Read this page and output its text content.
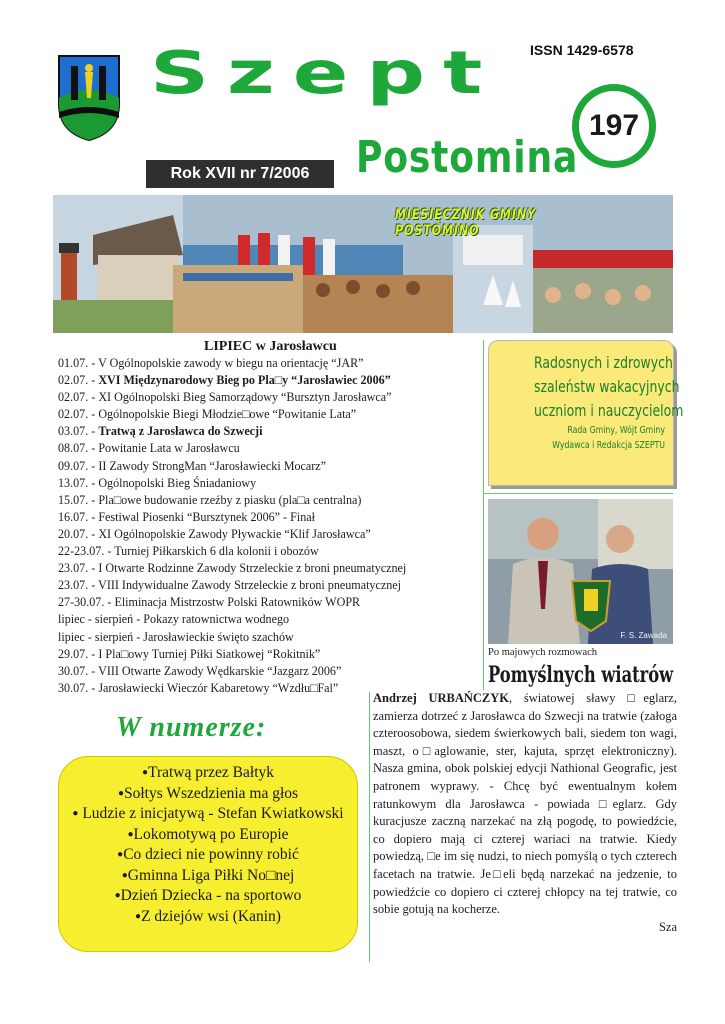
ISSN 1429-6578
Szept
197
Rok XVII nr 7/2006	Postomina
MIESIĘCZNIK GMINY POSTOMINO
LIPIEC w Jarosławcu
01.07. - V Ogólnopolskie zawody w biegu na orientację “JAR”
02.07. - XVI Międzynarodowy Bieg po Pla□y “Jarosławiec 2006”
02.07. - XI Ogólnopolski Bieg Samorządowy “Bursztyn Jarosławca”
02.07. - Ogólnopolskie Biegi Młodzie□owe “Powitanie Lata”
03.07. - Tratwą z Jarosławca do Szwecji
08.07. - Powitanie Lata w Jarosławcu
09.07. - II Zawody StrongMan “Jarosławiecki Mocarz”
13.07. - Ogólnopolski Bieg Śniadaniowy
15.07. - Pla□owe budowanie rzeźby z piasku (pla□a centralna)
16.07. - Festiwal Piosenki “Bursztynek 2006” - Finał
20.07. - XI Ogólnopolskie Zawody Pływackie “Klif Jarosławca”
22-23.07. - Turniej Piłkarskich 6 dla kolonii i obozów
23.07. - I Otwarte Rodzinne Zawody Strzeleckie z broni pneumatycznej
23.07. - VIII Indywidualne Zawody Strzeleckie z broni pneumatycznej
27-30.07. - Eliminacja Mistrzostw Polski Ratowników WOPR
lipiec - sierpień - Pokazy ratownictwa wodnego
lipiec - sierpień - Jarosławieckie święto szachów
29.07. - I Pla□owy Turniej Piłki Siatkowej “Rokitnik”
30.07. - VIII Otwarte Zawody Wędkarskie “Jazgarz 2006”
30.07. - Jarosławiecki Wieczór Kabaretowy “Wzdłu□Fal”
Radosnych i zdrowych
szaleństw wakacyjnych
uczniom i nauczycielom
Rada Gminy, Wójt Gminy
Wydawca i Redakcja SZEPTU
F. S. Zawada
Po majowych rozmowach
Pomyślnych wiatrów

Andrzej URBAŃCZYK, światowej sławy □eglarz, zamierza dotrzeć z Jarosławca do Szwecji na tratwie (załoga czteroosobowa, siedem świerkowych bali, siedem ton wagi, maszt, o□aglowanie, ster, kajuta, sprzęt elektroniczny). Nasza gmina, obok polskiej edycji Nathional Geografic, jest patronem wyprawy. - Chcę być ewentualnym kołem ratunkowym dla Jarosławca - powiada □eglarz. Gdy kuracjusze zaczną narzekać na złą pogodę, to powiedźcie, co dopiero mają ci czterej wariaci na tratwie. Kiedy powiedzą, □e im się nudzi, to niech pomyślą o tych czterech facetach na tratwie. Je□eli będą narzekać na jedzenie, to powiedźcie co dopiero ci czterej chłopcy na tej tratwie, co sobie gotują na kocherze.

Sza
W numerze:
●Tratwą przez Bałtyk
●Sołtys Wszedzienia ma głos
● Ludzie z inicjatywą - Stefan Kwiatkowski
●Lokomotywą po Europie
●Co dzieci nie powinny robić
●Gminna Liga Piłki No□nej
●Dzień Dziecka - na sportowo
●Z dziejów wsi (Kanin)
